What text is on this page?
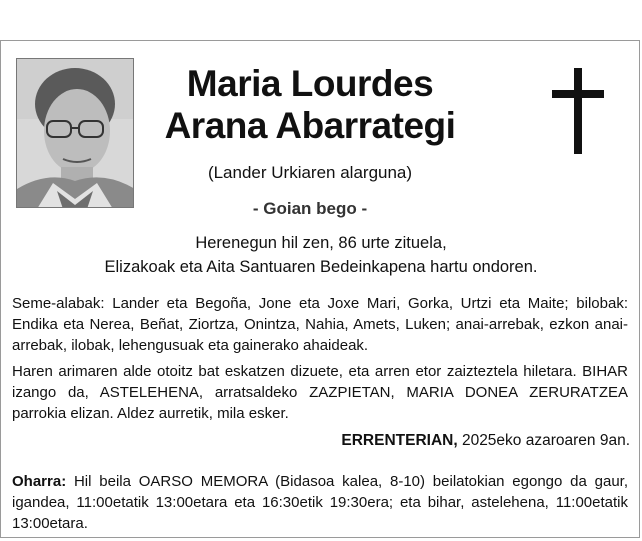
Maria Lourdes
Arana Abarrategi
(Lander Urkiaren alarguna)
- Goian bego -
Herenegun hil zen, 86 urte zituela,
Elizakoak eta Aita Santuaren Bedeinkapena hartu ondoren.
Seme-alabak: Lander eta Begoña, Jone eta Joxe Mari, Gorka, Urtzi eta Maite; bilobak: Endika eta Nerea, Beñat, Ziortza, Onintza, Nahia, Amets, Luken; anai-arrebak, ezkon anai-arrebak, ilobak, lehengusuak eta gainerako ahaideak.
Haren arimaren alde otoitz bat eskatzen dizuete, eta arren etor zaizteztela hiletara. BIHAR izango da, ASTELEHENA, arratsaldeko ZAZPIETAN, MARIA DONEA ZERURATZEA parrokia elizan. Aldez aurretik, mila esker.
ERRENTERIAN, 2025eko azaroaren 9an.
Oharra: Hil beila OARSO MEMORA (Bidasoa kalea, 8-10) beilatokian egongo da gaur, igandea, 11:00etatik 13:00etara eta 16:30etik 19:30era; eta bihar, astelehena, 11:00etatik 13:00etara.
